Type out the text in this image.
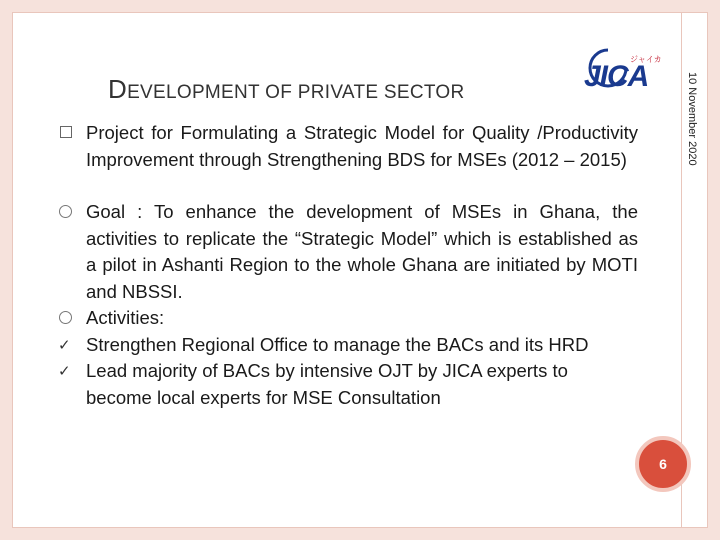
JICA
ジャイカ
10 November 2020
DEVELOPMENT OF PRIVATE SECTOR
Project for Formulating a Strategic Model for Quality /Productivity Improvement through Strengthening BDS for MSEs (2012 – 2015)
Goal : To enhance the development of MSEs in Ghana, the activities to replicate the “Strategic Model” which is established as a pilot in Ashanti Region to the whole Ghana are initiated by MOTI and NBSSI.
Activities:
✓ Strengthen Regional Office to manage the BACs and its HRD
✓ Lead majority of BACs by intensive OJT by JICA experts to become local experts for MSE Consultation
6
